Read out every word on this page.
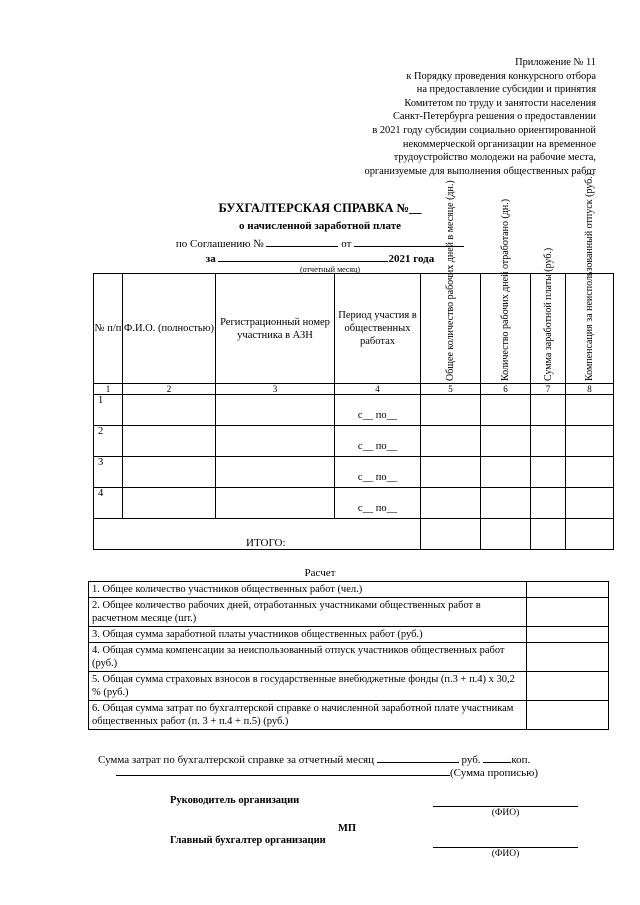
Приложение № 11
к Порядку проведения конкурсного отбора
на предоставление субсидии и принятия
Комитетом по труду и занятости населения
Санкт-Петербурга решения о предоставлении
в 2021 году субсидии социально ориентированной
некоммерческой организации на временное
трудоустройство молодежи на рабочие места,
организуемые для выполнения общественных работ
БУХГАЛТЕРСКАЯ СПРАВКА №__
о начисленной заработной плате
по Соглашению №	от
за	2021 года
(отчетный месяц)
№ п/п	Ф.И.О. (полностью)	Регистрационный номер участника в АЗН	Период участия в общественных работах	Общее количество рабочих дней в месяце (дн.)	Количество рабочих дней отработано (дн.)	Сумма заработной платы (руб.)	Компенсация за неиспользованный отпуск (руб.)

1	2	3	4	5	6	7	8
1			с__ по__				

2			с__ по__				

3			с__ по__				

4			с__ по__				

ИТОГО:							
Расчет
1. Общее количество участников общественных работ (чел.)	
2. Общее количество рабочих дней, отработанных участниками общественных работ в расчетном месяце (шт.)	
3. Общая сумма заработной платы участников общественных работ (руб.)	
4. Общая сумма компенсации за неиспользованный отпуск участников общественных работ (руб.)	
5. Общая сумма страховых взносов в государственные внебюджетные фонды (п.3 + п.4) х 30,2 % (руб.)	
6. Общая сумма затрат по бухгалтерской справке о начисленной заработной плате участникам общественных работ (п. 3 + п.4 + п.5) (руб.)	
Сумма затрат по бухгалтерской справке за отчетный месяц	руб.	коп.
(Сумма прописью)
Руководитель организации
(ФИО)
МП
Главный бухгалтер организации
(ФИО)
